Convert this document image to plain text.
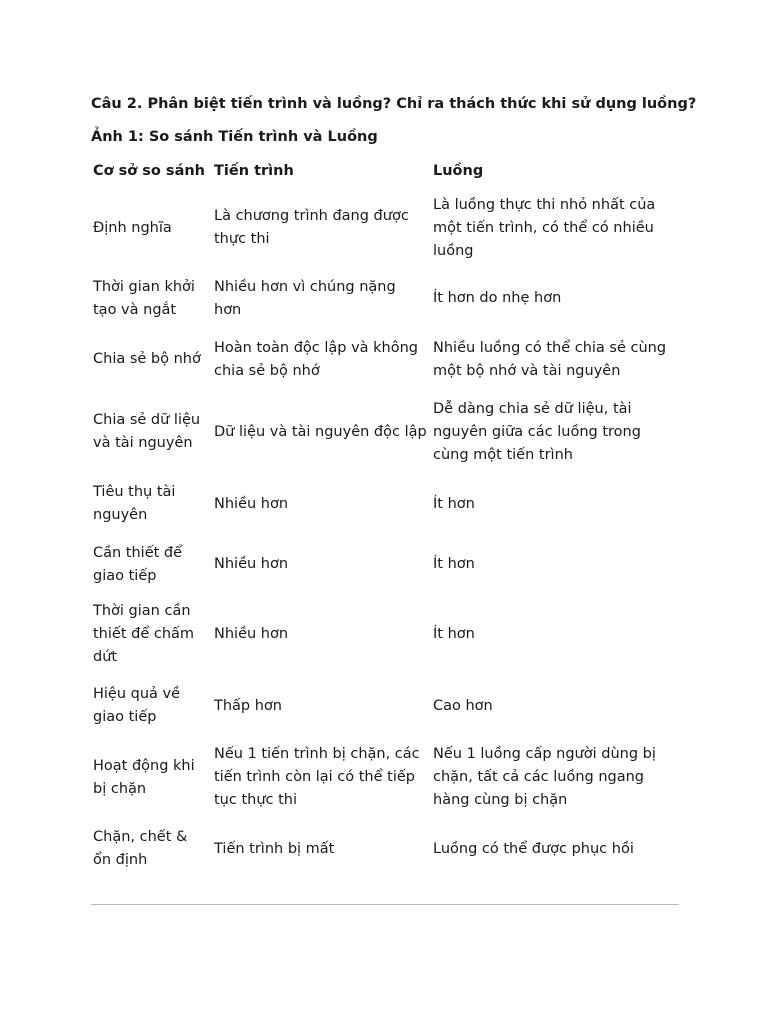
Câu 2. Phân biệt tiến trình và luồng? Chỉ ra thách thức khi sử dụng luồng?
Ảnh 1: So sánh Tiến trình và Luồng
Cơ sở so sánh	Tiến trình	Luồng
Định nghĩa	Là chương trình đang được thực thi	Là luồng thực thi nhỏ nhất của một tiến trình, có thể có nhiều luồng
Thời gian khởi tạo và ngắt	Nhiều hơn vì chúng nặng hơn	Ít hơn do nhẹ hơn
Chia sẻ bộ nhớ	Hoàn toàn độc lập và không chia sẻ bộ nhớ	Nhiều luồng có thể chia sẻ cùng một bộ nhớ và tài nguyên
Chia sẻ dữ liệu và tài nguyên	Dữ liệu và tài nguyên độc lập	Dễ dàng chia sẻ dữ liệu, tài nguyên giữa các luồng trong cùng một tiến trình
Tiêu thụ tài nguyên	Nhiều hơn	Ít hơn
Cần thiết để giao tiếp	Nhiều hơn	Ít hơn
Thời gian cần thiết để chấm dứt	Nhiều hơn	Ít hơn
Hiệu quả về giao tiếp	Thấp hơn	Cao hơn
Hoạt động khi bị chặn	Nếu 1 tiến trình bị chặn, các tiến trình còn lại có thể tiếp tục thực thi	Nếu 1 luồng cấp người dùng bị chặn, tất cả các luồng ngang hàng cùng bị chặn
Chặn, chết & ổn định	Tiến trình bị mất	Luồng có thể được phục hồi
